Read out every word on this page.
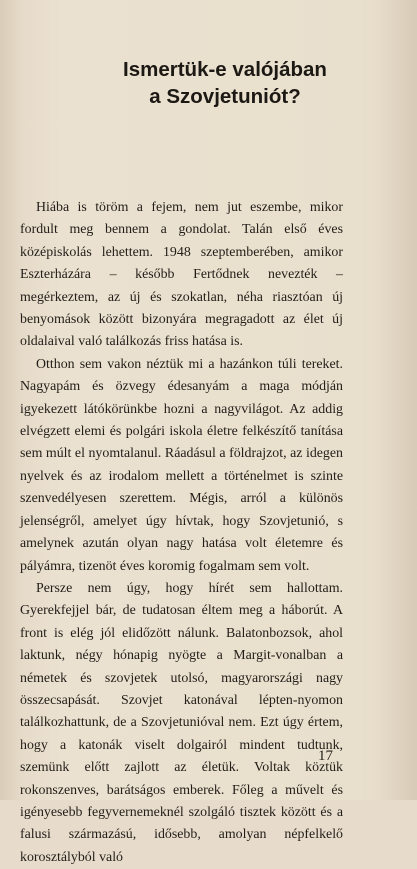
Ismertük-e valójában
a Szovjetuniót?

Hiába is töröm a fejem, nem jut eszembe, mikor fordult meg bennem a gondolat. Talán első éves középiskolás lehettem. 1948 szeptemberében, amikor Eszterházára – később Fertődnek nevezték – megérkeztem, az új és szokatlan, néha riasztóan új benyomások között bizonyára megragadott az élet új oldalaival való találkozás friss hatása is.

Otthon sem vakon néztük mi a hazánkon túli tereket. Nagyapám és özvegy édesanyám a maga módján igyekezett látókörünkbe hozni a nagyvilágot. Az addig elvégzett elemi és polgári iskola életre felkészítő tanítása sem múlt el nyomtalanul. Ráadásul a földrajzot, az idegen nyelvek és az irodalom mellett a történelmet is szinte szenvedélyesen szerettem. Mégis, arról a különös jelenségről, amelyet úgy hívtak, hogy Szovjetunió, s amelynek azután olyan nagy hatása volt életemre és pályámra, tizenöt éves koromig fogalmam sem volt.

Persze nem úgy, hogy hírét sem hallottam. Gyerekfejjel bár, de tudatosan éltem meg a háborút. A front is elég jól elidőzött nálunk. Balatonbozsok, ahol laktunk, négy hónapig nyögte a Margit-vonalban a németek és szovjetek utolsó, magyarországi nagy összecsapását. Szovjet katonával lépten-nyomon találkozhattunk, de a Szovjetunióval nem. Ezt úgy értem, hogy a katonák viselt dolgairól mindent tudtunk, szemünk előtt zajlott az életük. Voltak köztük rokonszenves, barátságos emberek. Főleg a művelt és igényesebb fegyvernemeknél szolgáló tisztek között és a falusi származású, idősebb, amolyan népfelkelő korosztályból való

17
